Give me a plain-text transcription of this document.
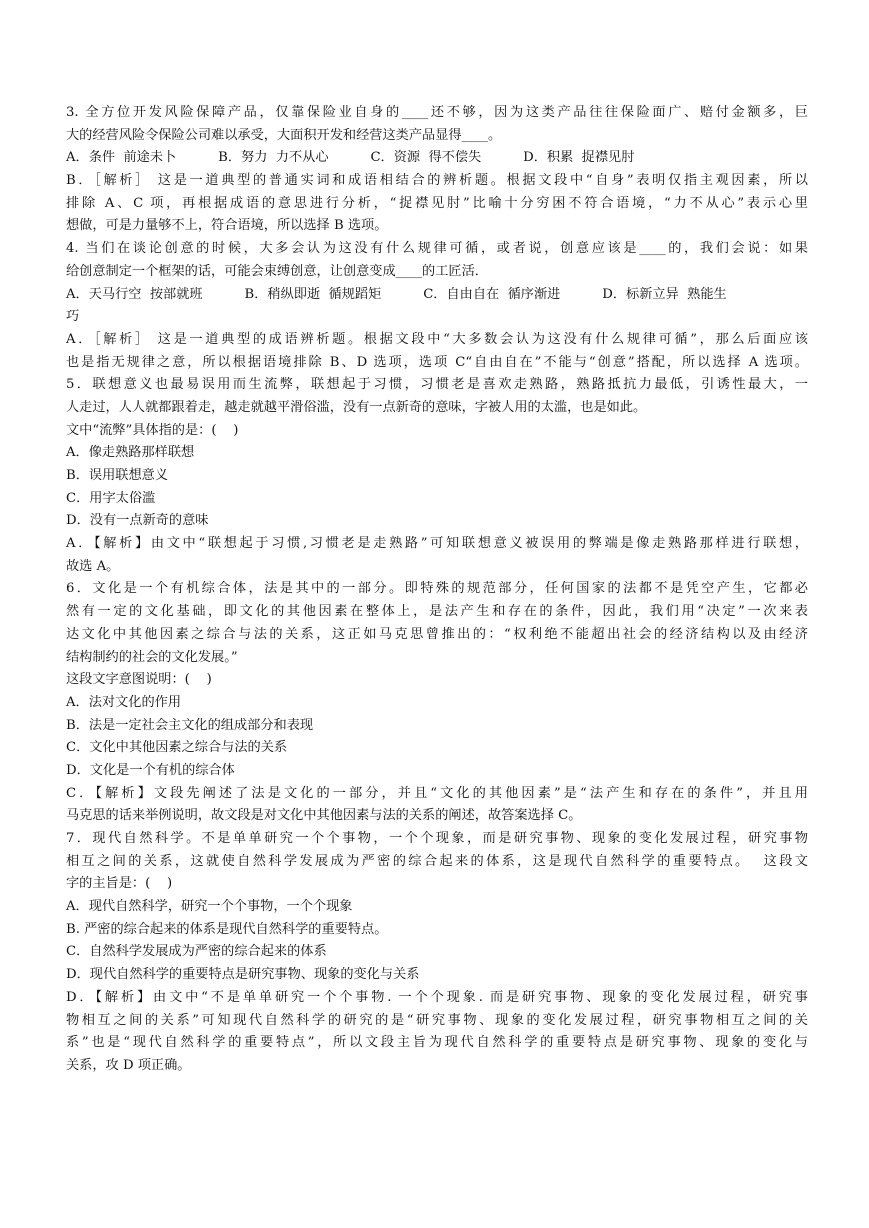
3. 全方位开发风险保障产品，仅靠保险业自身的____还不够，因为这类产品往往保险面广、赔付金额多，巨
大的经营风险令保险公司难以承受，大面积开发和经营这类产品显得____。
A．条件  前途未卜          B．努力  力不从心          C．资源  得不偿失          D．积累  捉襟见肘
B．［解析］ 这是一道典型的普通实词和成语相结合的辨析题。根据文段中“自身”表明仅指主观因素，所以
排除 A、C 项，再根据成语的意思进行分析，“捉襟见肘”比喻十分穷困不符合语境，“力不从心”表示心里
想做，可是力量够不上，符合语境，所以选择 B 选项。
4. 当们在谈论创意的时候，大多会认为这没有什么规律可循，或者说，创意应该是____的，我们会说：如果
给创意制定一个框架的话，可能会束缚创意，让创意变成____的工匠活．
A．天马行空  按部就班          B．稍纵即逝  循规蹈矩          C．自由自在  循序渐进          D．标新立异  熟能生
巧
A．［解析］ 这是一道典型的成语辨析题。根据文段中“大多数会认为这没有什么规律可循”，那么后面应该
也是指无规律之意，所以根据语境排除 B、D 选项，选项 C“自由自在”不能与“创意”搭配，所以选择 A 选项。
5．联想意义也最易误用而生流弊，联想起于习惯，习惯老是喜欢走熟路，熟路抵抗力最低，引诱性最大，一
人走过，人人就都跟着走，越走就越平滑俗滥，没有一点新奇的意味，字被人用的太滥，也是如此。
文中“流弊”具体指的是：(    )
A．像走熟路那样联想
B．误用联想意义
C．用字太俗滥
D．没有一点新奇的意味
A．【解析】由文中“联想起于习惯,习惯老是走熟路”可知联想意义被误用的弊端是像走熟路那样进行联想，
故选 A。
6．文化是一个有机综合体，法是其中的一部分。即特殊的规范部分，任何国家的法都不是凭空产生，它都必
然有一定的文化基础，即文化的其他因素在整体上，是法产生和存在的条件，因此，我们用“决定”一次来表
达文化中其他因素之综合与法的关系，这正如马克思曾推出的：“权利绝不能超出社会的经济结构以及由经济
结构制约的社会的文化发展。”
这段文字意图说明：(    )
A．法对文化的作用
B．法是一定社会主文化的组成部分和表现
C．文化中其他因素之综合与法的关系
D．文化是一个有机的综合体
C．【解析】文段先阐述了法是文化的一部分，并且“文化的其他因素”是“法产生和存在的条件”，并且用
马克思的话来举例说明，故文段是对文化中其他因素与法的关系的阐述，故答案选择 C。
7．现代自然科学。不是单单研究一个个事物，一个个现象，而是研究事物、现象的变化发展过程，研究事物
相互之间的关系，这就使自然科学发展成为严密的综合起来的体系，这是现代自然科学的重要特点。  这段文
字的主旨是：(    )
A．现代自然科学，研究一个个事物，一个个现象
B. 严密的综合起来的体系是现代自然科学的重要特点。
C．自然科学发展成为严密的综合起来的体系
D．现代自然科学的重要特点是研究事物、现象的变化与关系
D．【解析】由文中“不是单单研究一个个事物. 一个个现象. 而是研究事物、现象的变化发展过程，研究事
物相互之间的关系”可知现代自然科学的研究的是“研究事物、现象的变化发展过程，研究事物相互之间的关
系”也是“现代自然科学的重要特点”，所以文段主旨为现代自然科学的重要特点是研究事物、现象的变化与
关系，攻 D 项正确。
